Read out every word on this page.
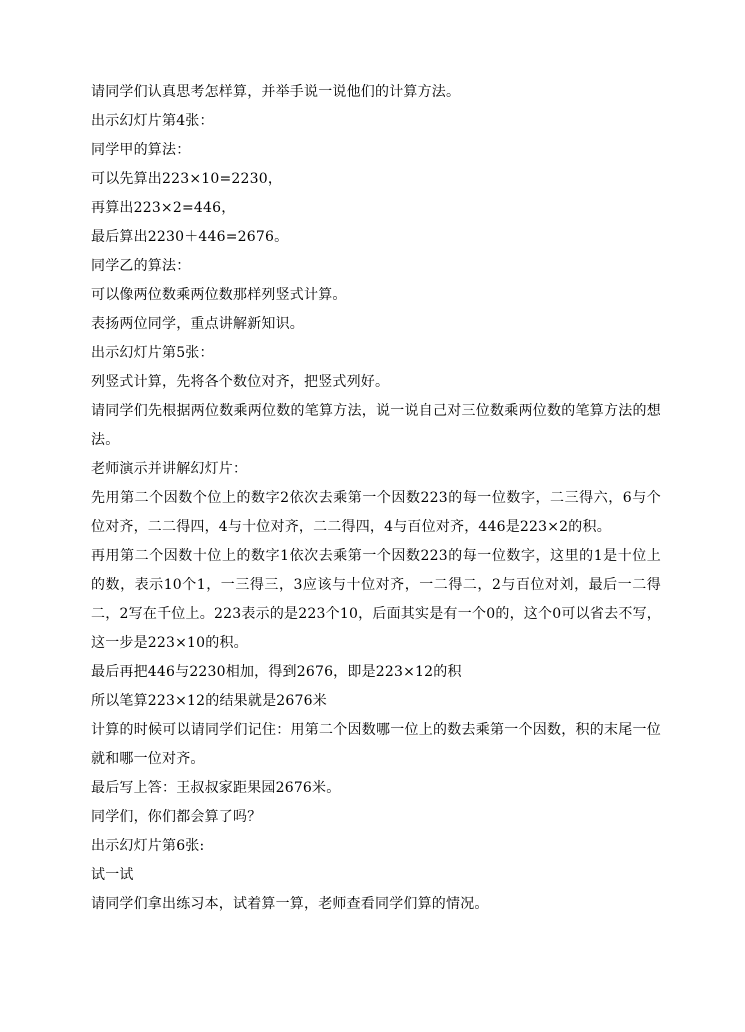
请同学们认真思考怎样算，并举手说一说他们的计算方法。

出示幻灯片第4张：

同学甲的算法：

可以先算出223×10=2230，

再算出223×2=446，

最后算出2230＋446=2676。

同学乙的算法：

可以像两位数乘两位数那样列竖式计算。

表扬两位同学，重点讲解新知识。

出示幻灯片第5张：

列竖式计算，先将各个数位对齐，把竖式列好。

请同学们先根据两位数乘两位数的笔算方法，说一说自己对三位数乘两位数的笔算方法的想法。

老师演示并讲解幻灯片：

先用第二个因数个位上的数字2依次去乘第一个因数223的每一位数字，二三得六，6与个位对齐，二二得四，4与十位对齐，二二得四，4与百位对齐，446是223×2的积。

再用第二个因数十位上的数字1依次去乘第一个因数223的每一位数字，这里的1是十位上的数，表示10个1，一三得三，3应该与十位对齐，一二得二，2与百位对刘，最后一二得二，2写在千位上。223表示的是223个10，后面其实是有一个0的，这个0可以省去不写，这一步是223×10的积。

最后再把446与2230相加，得到2676，即是223×12的积

所以笔算223×12的结果就是2676米

计算的时候可以请同学们记住：用第二个因数哪一位上的数去乘第一个因数，积的末尾一位就和哪一位对齐。

最后写上答：王叔叔家距果园2676米。

同学们，你们都会算了吗？

出示幻灯片第6张:

试一试

请同学们拿出练习本，试着算一算，老师查看同学们算的情况。
